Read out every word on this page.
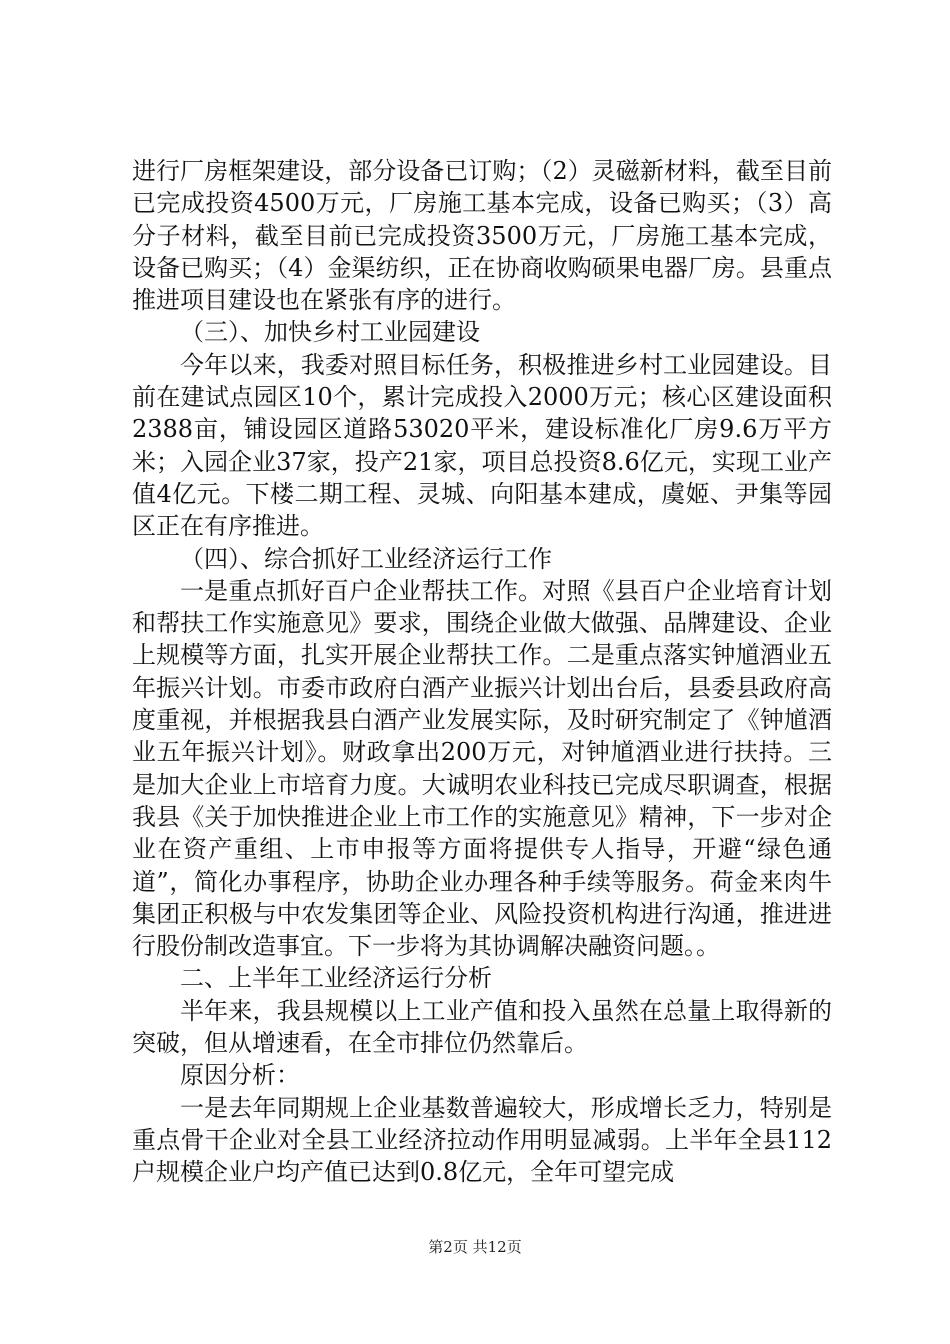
进行厂房框架建设，部分设备已订购；（2）灵磁新材料，截至目前已完成投资4500万元，厂房施工基本完成，设备已购买；（3）高分子材料，截至目前已完成投资3500万元，厂房施工基本完成，设备已购买；（4）金渠纺织，正在协商收购硕果电器厂房。县重点推进项目建设也在紧张有序的进行。

（三）、加快乡村工业园建设

今年以来，我委对照目标任务，积极推进乡村工业园建设。目前在建试点园区10个，累计完成投入2000万元；核心区建设面积2388亩，铺设园区道路53020平米，建设标准化厂房9.6万平方米；入园企业37家，投产21家，项目总投资8.6亿元，实现工业产值4亿元。下楼二期工程、灵城、向阳基本建成，虞姬、尹集等园区正在有序推进。

（四）、综合抓好工业经济运行工作

一是重点抓好百户企业帮扶工作。对照《县百户企业培育计划和帮扶工作实施意见》要求，围绕企业做大做强、品牌建设、企业上规模等方面，扎实开展企业帮扶工作。二是重点落实钟馗酒业五年振兴计划。市委市政府白酒产业振兴计划出台后，县委县政府高度重视，并根据我县白酒产业发展实际，及时研究制定了《钟馗酒业五年振兴计划》。财政拿出200万元，对钟馗酒业进行扶持。三是加大企业上市培育力度。大诚明农业科技已完成尽职调查，根据我县《关于加快推进企业上市工作的实施意见》精神，下一步对企业在资产重组、上市申报等方面将提供专人指导，开避“绿色通道”，简化办事程序，协助企业办理各种手续等服务。荷金来肉牛集团正积极与中农发集团等企业、风险投资机构进行沟通，推进进行股份制改造事宜。下一步将为其协调解决融资问题。。

二、上半年工业经济运行分析

半年来，我县规模以上工业产值和投入虽然在总量上取得新的突破，但从增速看，在全市排位仍然靠后。

原因分析：

一是去年同期规上企业基数普遍较大，形成增长乏力，特别是重点骨干企业对全县工业经济拉动作用明显减弱。上半年全县112户规模企业户均产值已达到0.8亿元，全年可望完成

第2页 共12页
